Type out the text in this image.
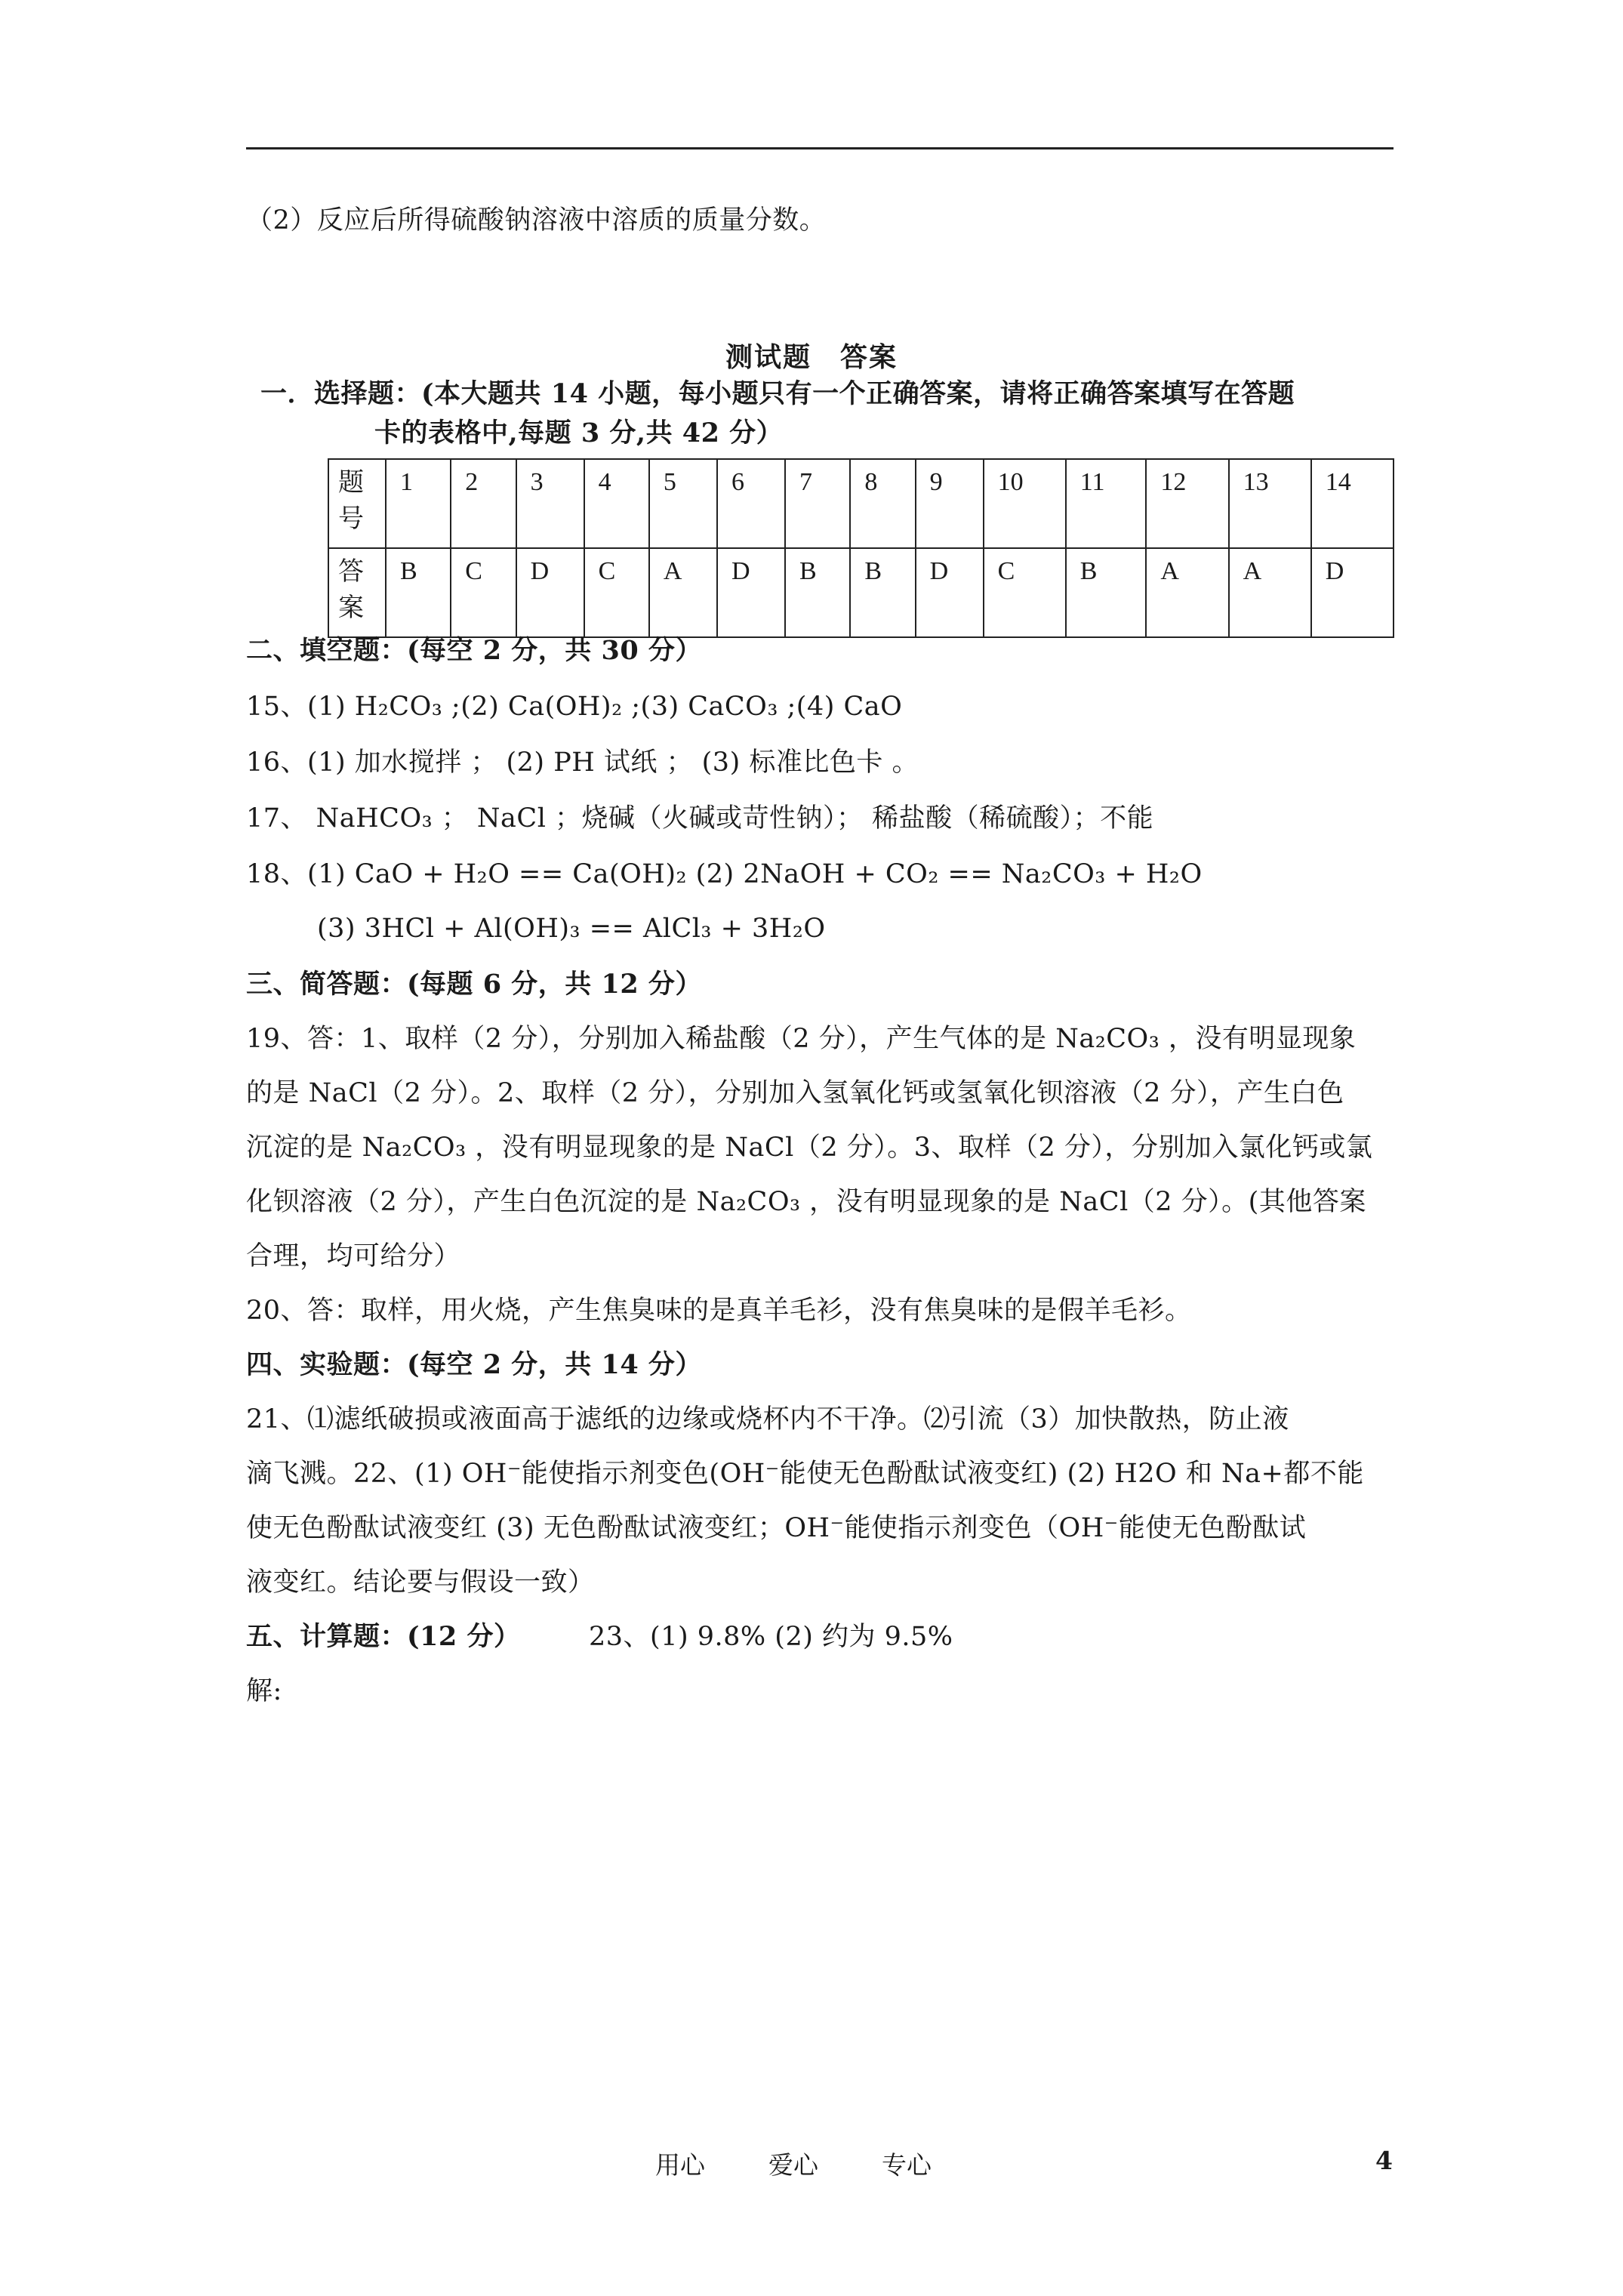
（2）反应后所得硫酸钠溶液中溶质的质量分数。
测试题　答案
一．选择题：(本大题共 14 小题，每小题只有一个正确答案，请将正确答案填写在答题
卡的表格中,每题 3 分,共 42 分）
题号	1	2	3	4	5	6	7	8	9	10	11	12	13	14

答案	B	C	D	C	A	D	B	B	D	C	B	A	A	D
二、填空题：(每空 2 分，共 30 分）
15、(1) H₂CO₃ ;(2) Ca(OH)₂ ;(3) CaCO₃ ;(4) CaO
16、(1) 加水搅拌 ； (2) PH 试纸 ； (3) 标准比色卡 。
17、 NaHCO₃ ； NaCl ；烧碱（火碱或苛性钠）； 稀盐酸（稀硫酸）；不能
18、(1) CaO + H₂O == Ca(OH)₂ (2) 2NaOH + CO₂ == Na₂CO₃ + H₂O
(3) 3HCl + Al(OH)₃ == AlCl₃ + 3H₂O
三、简答题：(每题 6 分，共 12 分）
19、答：1、取样（2 分），分别加入稀盐酸（2 分），产生气体的是 Na₂CO₃ ，没有明显现象
的是 NaCl（2 分）。2、取样（2 分），分别加入氢氧化钙或氢氧化钡溶液（2 分），产生白色
沉淀的是 Na₂CO₃ ，没有明显现象的是 NaCl（2 分）。3、取样（2 分），分别加入氯化钙或氯
化钡溶液（2 分），产生白色沉淀的是 Na₂CO₃ ，没有明显现象的是 NaCl（2 分）。(其他答案
合理，均可给分）
20、答：取样，用火烧，产生焦臭味的是真羊毛衫，没有焦臭味的是假羊毛衫。
四、实验题：(每空 2 分，共 14 分）
21、⑴滤纸破损或液面高于滤纸的边缘或烧杯内不干净。⑵引流（3）加快散热，防止液
滴飞溅。22、(1) OH⁻能使指示剂变色(OH⁻能使无色酚酞试液变红) (2) H2O 和 Na+都不能
使无色酚酞试液变红 (3) 无色酚酞试液变红；OH⁻能使指示剂变色（OH⁻能使无色酚酞试
液变红。结论要与假设一致）
五、计算题：(12 分）	23、(1) 9.8% (2) 约为 9.5%
解:
用心	爱心	专心	4
